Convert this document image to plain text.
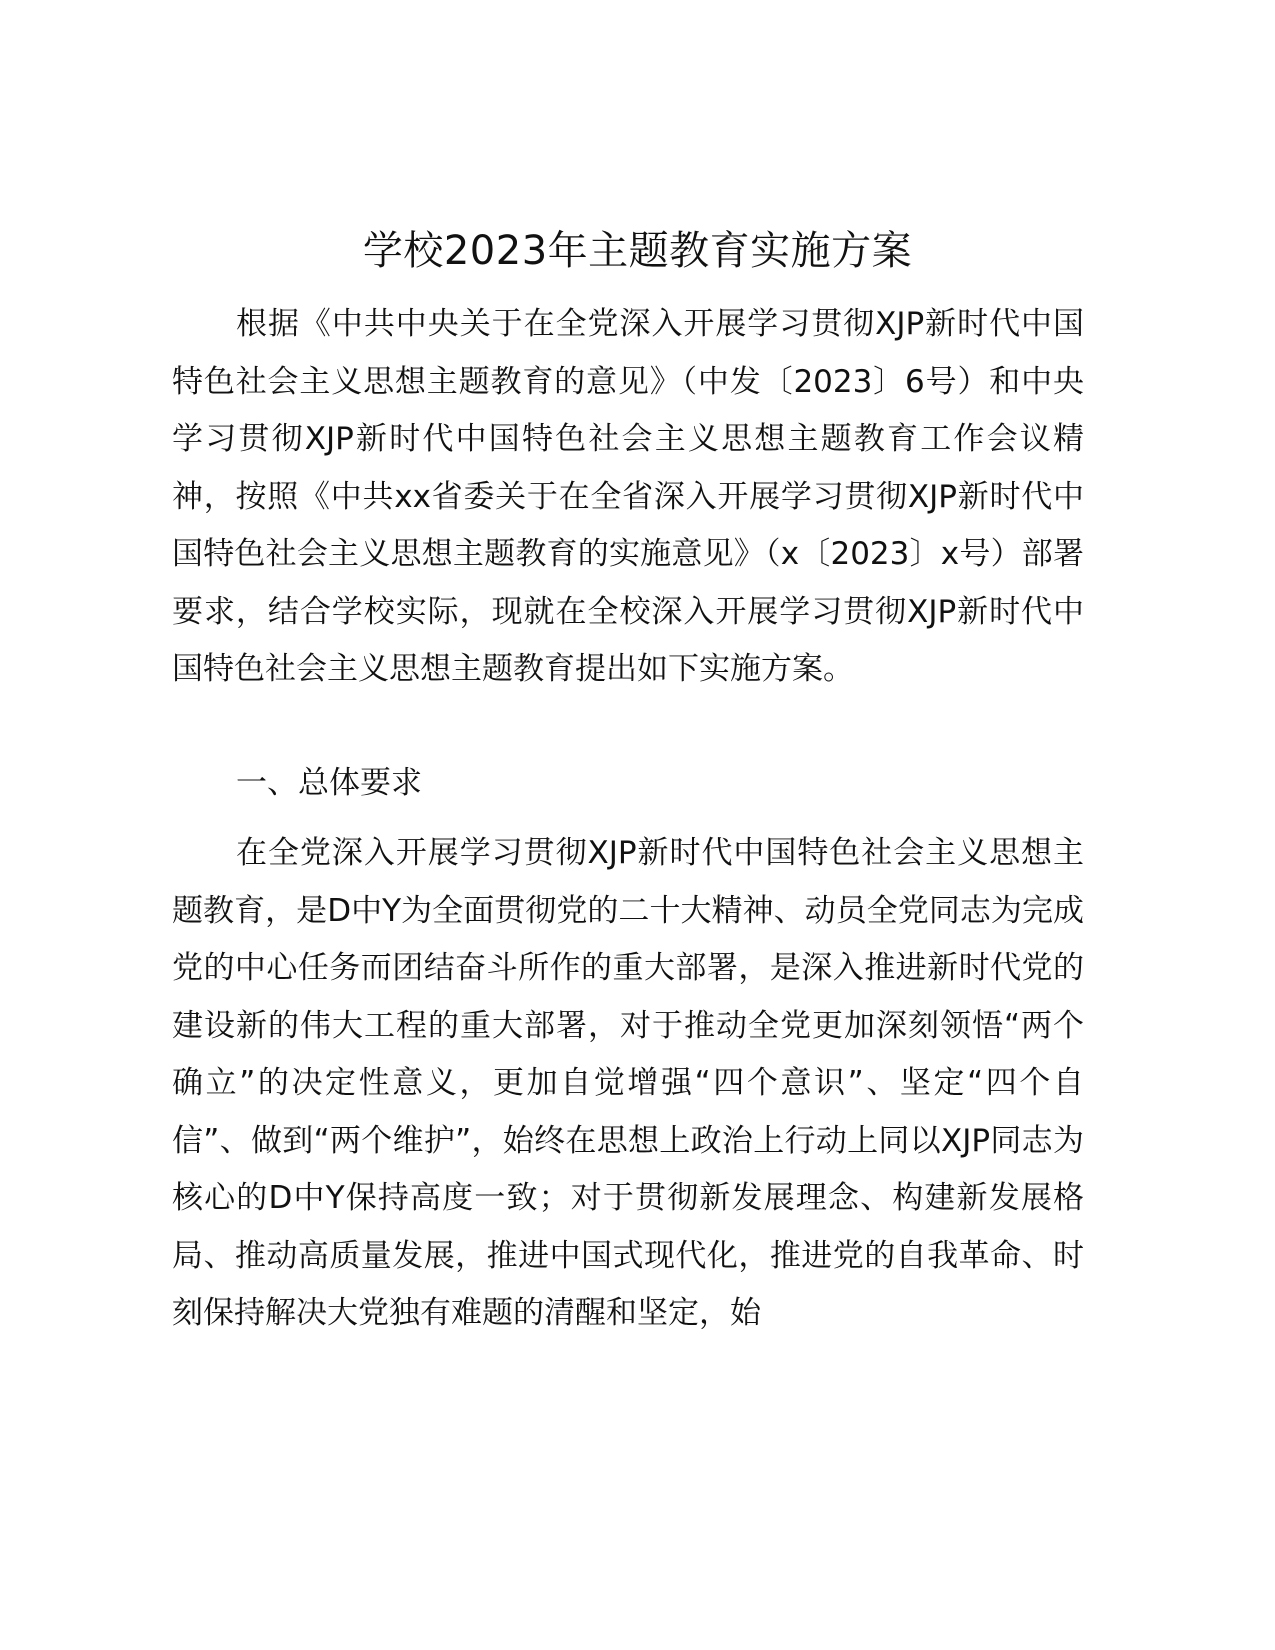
学校2023年主题教育实施方案

根据《中共中央关于在全党深入开展学习贯彻XJP新时代中国特色社会主义思想主题教育的意见》（中发〔2023〕6号）和中央学习贯彻XJP新时代中国特色社会主义思想主题教育工作会议精神，按照《中共xx省委关于在全省深入开展学习贯彻XJP新时代中国特色社会主义思想主题教育的实施意见》（x〔2023〕x号）部署要求，结合学校实际，现就在全校深入开展学习贯彻XJP新时代中国特色社会主义思想主题教育提出如下实施方案。

一、总体要求

在全党深入开展学习贯彻XJP新时代中国特色社会主义思想主题教育，是D中Y为全面贯彻党的二十大精神、动员全党同志为完成党的中心任务而团结奋斗所作的重大部署，是深入推进新时代党的建设新的伟大工程的重大部署，对于推动全党更加深刻领悟“两个确立”的决定性意义，更加自觉增强“四个意识”、坚定“四个自信”、做到“两个维护”，始终在思想上政治上行动上同以XJP同志为核心的D中Y保持高度一致；对于贯彻新发展理念、构建新发展格局、推动高质量发展，推进中国式现代化，推进党的自我革命、时刻保持解决大党独有难题的清醒和坚定，始
